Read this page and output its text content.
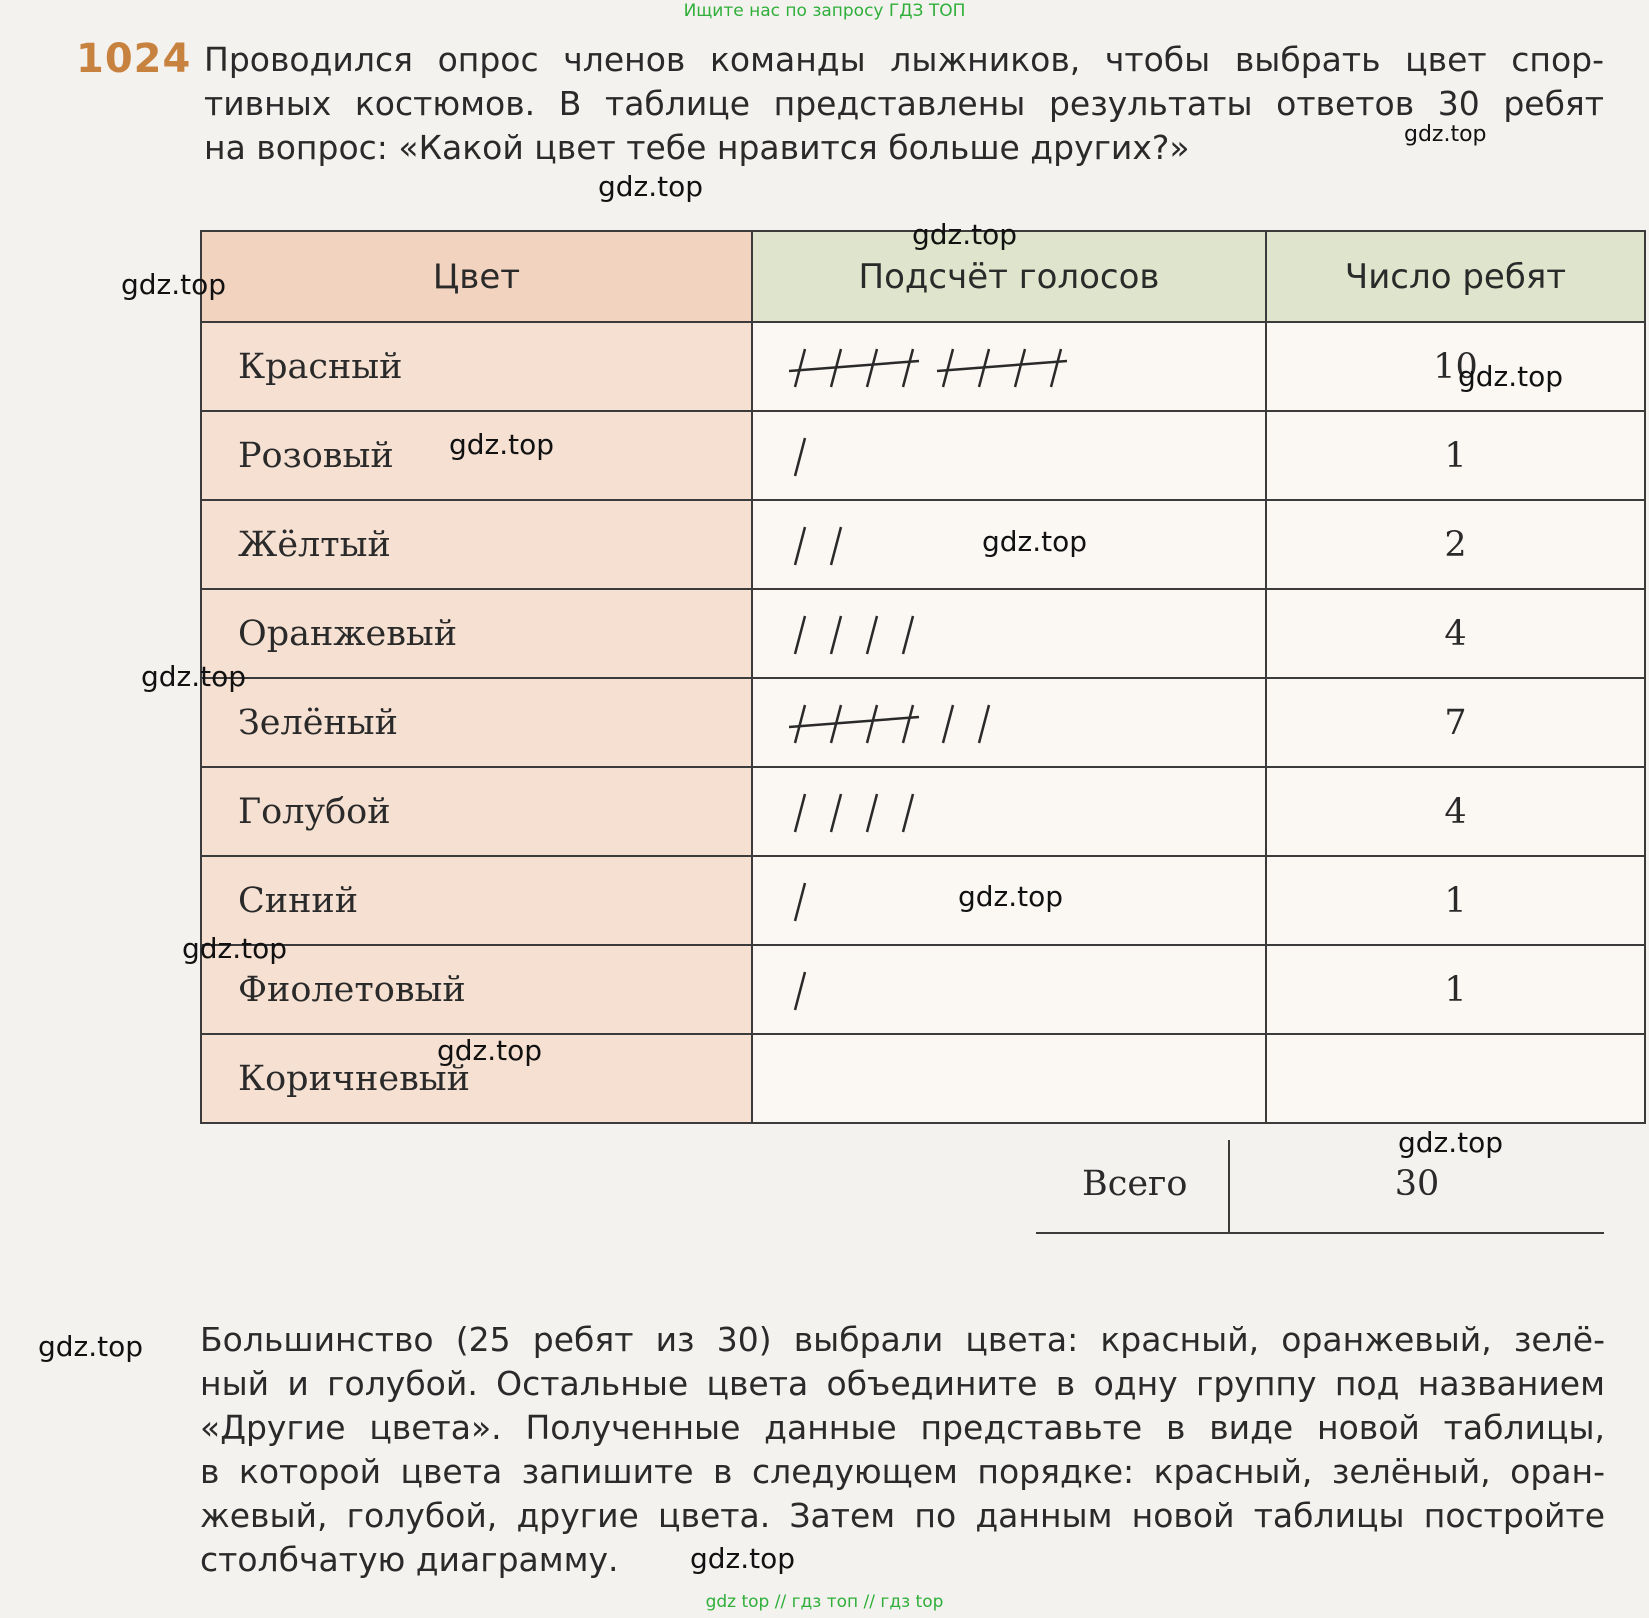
Ищите нас по запросу ГДЗ ТОП
1024 Проводился опрос членов команды лыжников, чтобы выбрать цвет спор-
тивных костюмов. В таблице представлены результаты ответов 30 ребят
на вопрос: «Какой цвет тебе нравится больше других?»
Цвет	Подсчёт голосов	Число ребят
Красный		10
Розовый		1
Жёлтый		2
Оранжевый		4
Зелёный		7
Голубой		4
Синий		1
Фиолетовый		1
Коричневый		
Всего	30
Большинство (25 ребят из 30) выбрали цвета: красный, оранжевый, зелё-
ный и голубой. Остальные цвета объедините в одну группу под названием
«Другие цвета». Полученные данные представьте в виде новой таблицы,
в которой цвета запишите в следующем порядке: красный, зелёный, оран-
жевый, голубой, другие цвета. Затем по данным новой таблицы постройте
столбчатую диаграмму.
gdz.top
gdz.top
gdz.top
gdz.top
gdz.top
gdz.top
gdz.top
gdz.top
gdz.top
gdz.top
gdz.top
gdz.top
gdz.top
gdz.top
gdz top // гдз топ // гдз top
